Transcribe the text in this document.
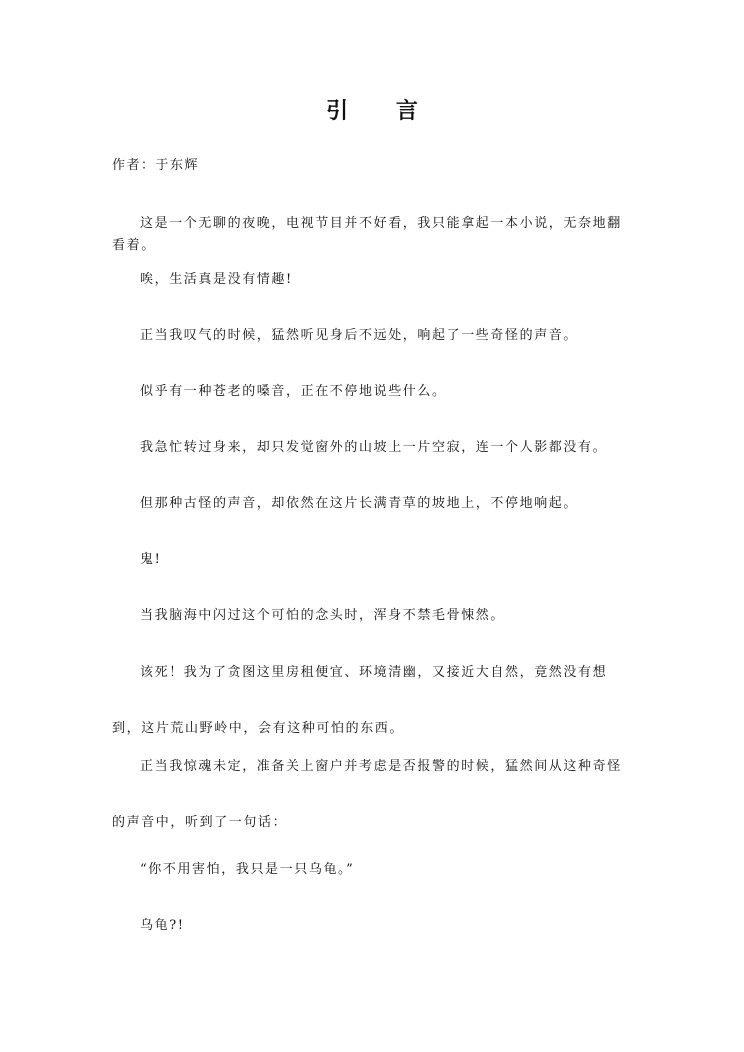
引 言
作者：于东辉
这是一个无聊的夜晚，电视节目并不好看，我只能拿起一本小说，无奈地翻看着。
唉，生活真是没有情趣!
正当我叹气的时候，猛然听见身后不远处，响起了一些奇怪的声音。
似乎有一种苍老的嗓音，正在不停地说些什么。
我急忙转过身来，却只发觉窗外的山坡上一片空寂，连一个人影都没有。
但那种古怪的声音，却依然在这片长满青草的坡地上，不停地响起。
鬼!
当我脑海中闪过这个可怕的念头时，浑身不禁毛骨悚然。
该死！我为了贪图这里房租便宜、环境清幽，又接近大自然，竟然没有想到，这片荒山野岭中，会有这种可怕的东西。
正当我惊魂未定，准备关上窗户并考虑是否报警的时候，猛然间从这种奇怪的声音中，听到了一句话：
“你不用害怕，我只是一只乌龟。”
乌龟?!
